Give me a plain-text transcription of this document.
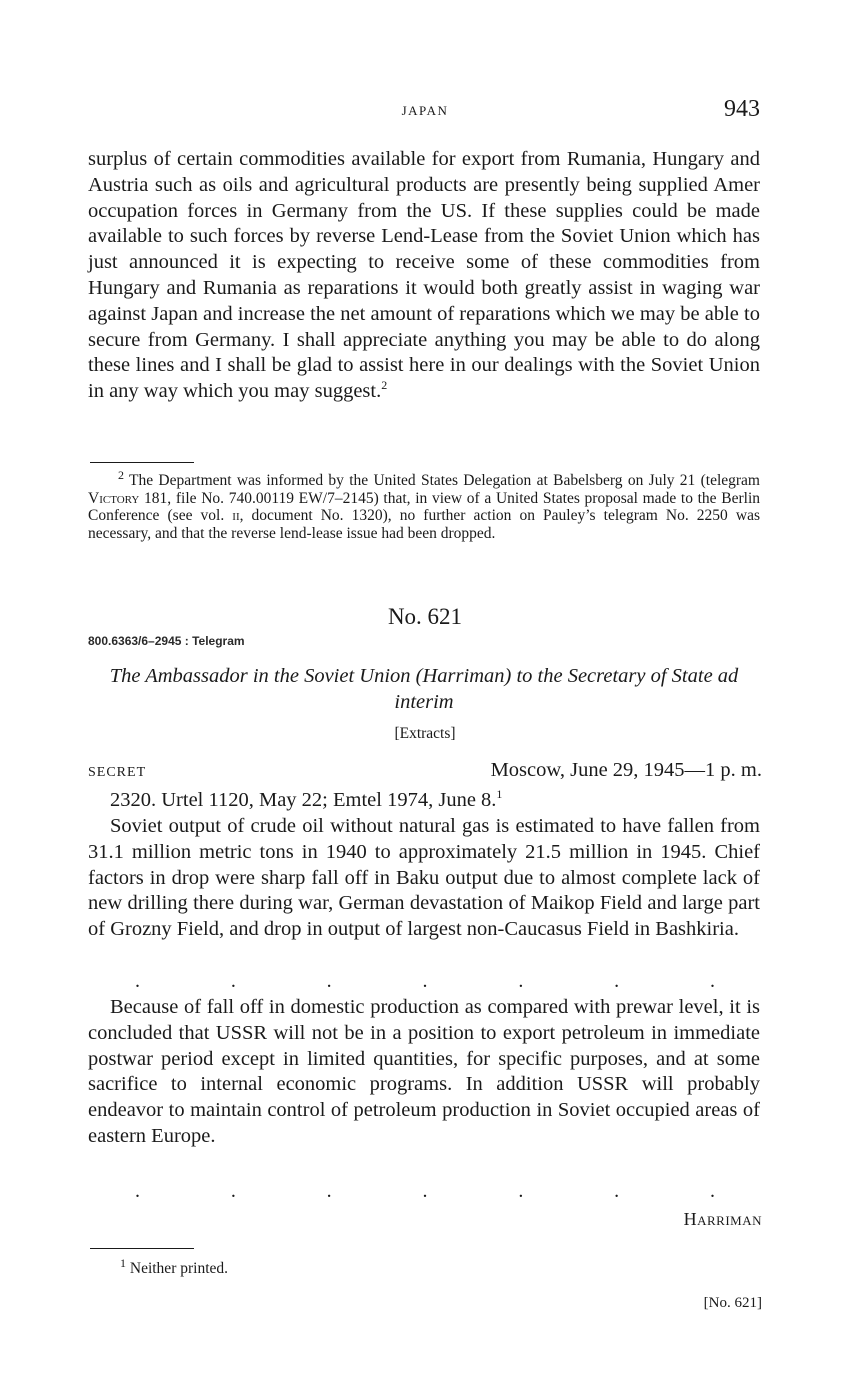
JAPAN	943

surplus of certain commodities available for export from Rumania, Hungary and Austria such as oils and agricultural products are presently being supplied Amer occupation forces in Germany from the US. If these supplies could be made available to such forces by reverse Lend-Lease from the Soviet Union which has just announced it is expecting to receive some of these commodities from Hungary and Rumania as reparations it would both greatly assist in waging war against Japan and increase the net amount of reparations which we may be able to secure from Germany. I shall appreciate anything you may be able to do along these lines and I shall be glad to assist here in our dealings with the Soviet Union in any way which you may suggest.$^2$

$^2$ The Department was informed by the United States Delegation at Babelsberg on July 21 (telegram Victory 181, file No. 740.00119 EW/7–2145) that, in view of a United States proposal made to the Berlin Conference (see vol. ii, document No. 1320), no further action on Pauley’s telegram No. 2250 was necessary, and that the reverse lend-lease issue had been dropped.

No. 621
800.6363/6–2945 : Telegram
The Ambassador in the Soviet Union (Harriman) to the Secretary of State ad interim
[Extracts]
SECRET	Moscow, June 29, 1945—1 p. m.

2320. Urtel 1120, May 22; Emtel 1974, June 8.$^1$

Soviet output of crude oil without natural gas is estimated to have fallen from 31.1 million metric tons in 1940 to approximately 21.5 million in 1945. Chief factors in drop were sharp fall off in Baku output due to almost complete lack of new drilling there during war, German devastation of Maikop Field and large part of Grozny Field, and drop in output of largest non-Caucasus Field in Bashkiria.

.	.	.	.	.	.	.

Because of fall off in domestic production as compared with prewar level, it is concluded that USSR will not be in a position to export petroleum in immediate postwar period except in limited quantities, for specific purposes, and at some sacrifice to internal economic programs. In addition USSR will probably endeavor to maintain control of petroleum production in Soviet occupied areas of eastern Europe.

.	.	.	.	.	.	.
Harriman

$^1$ Neither printed.

[No. 621]
